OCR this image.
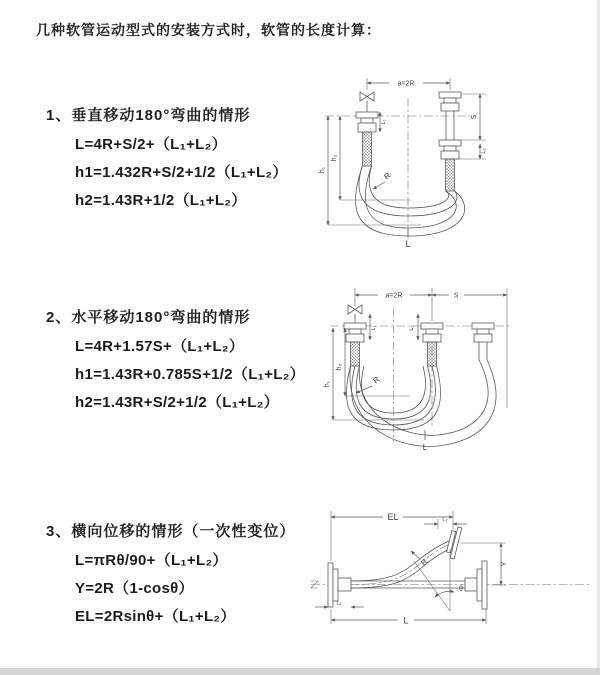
几种软管运动型式的安装方式时，软管的长度计算：
1、垂直移动180°弯曲的情形
L=4R+S/2+（L₁+L₂）
h1=1.432R+S/2+1/2（L₁+L₂）
h2=1.43R+1/2（L₁+L₂）
a=2R
h₁
h₂
L₁
S
L₂
R
L
2、水平移动180°弯曲的情形
L=4R+1.57S+（L₁+L₂）
h1=1.43R+0.785S+1/2（L₁+L₂）
h2=1.43R+S/2+1/2（L₁+L₂）
a=2R	S
h₁
h₂
L₁	L₂
R
L
3、横向位移的情形（一次性变位）
L=πRθ/90+（L₁+L₂）
Y=2R（1-cosθ）
EL=2Rsinθ+（L₁+L₂）
EL	L₂
Y
R
θ
L
L₁
